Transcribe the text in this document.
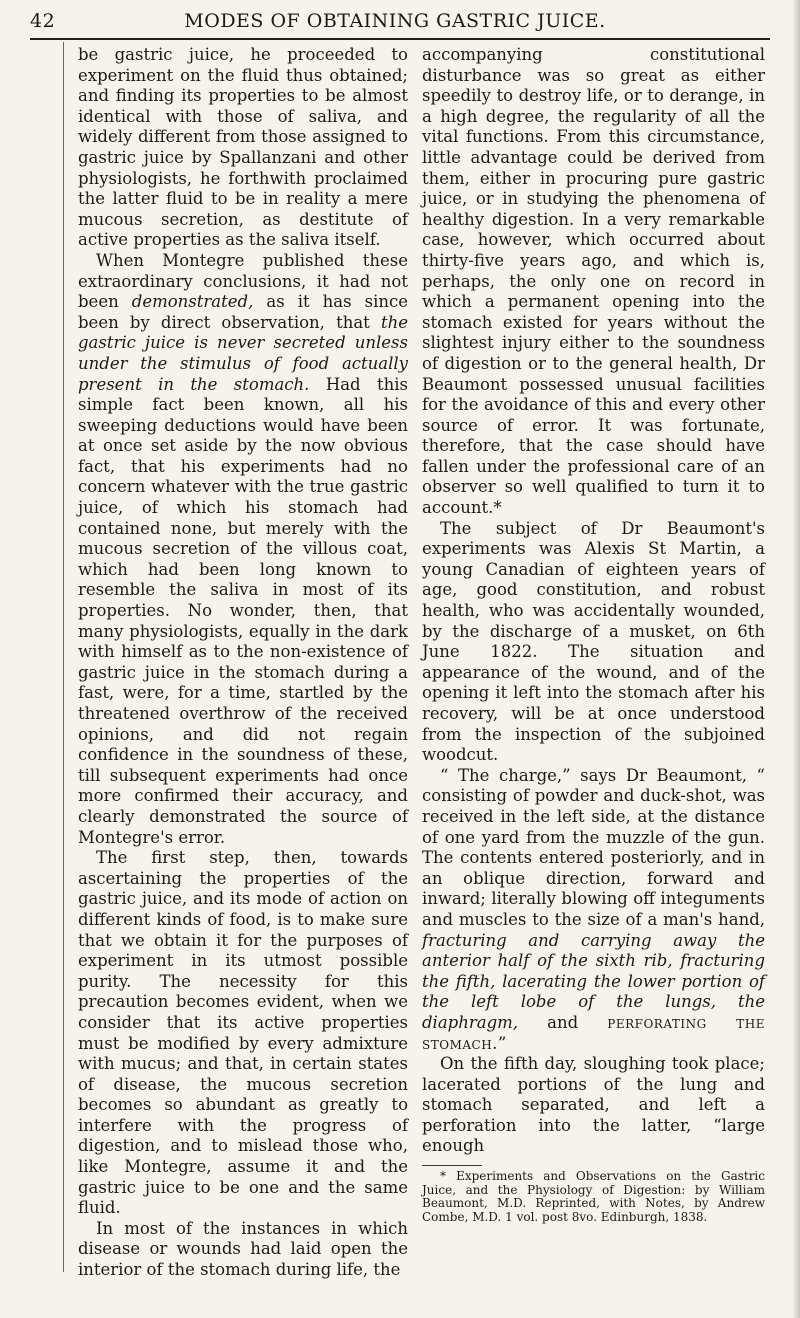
42	MODES OF OBTAINING GASTRIC JUICE.

be gastric juice, he proceeded to experiment on the fluid thus obtained; and finding its properties to be almost identical with those of saliva, and widely different from those assigned to gastric juice by Spallanzani and other physiologists, he forthwith proclaimed the latter fluid to be in reality a mere mucous secretion, as destitute of active properties as the saliva itself.

When Montegre published these extraordinary conclusions, it had not been demonstrated, as it has since been by direct observation, that the gastric juice is never secreted unless under the stimulus of food actually present in the stomach. Had this simple fact been known, all his sweeping deductions would have been at once set aside by the now obvious fact, that his experiments had no concern whatever with the true gastric juice, of which his stomach had contained none, but merely with the mucous secretion of the villous coat, which had been long known to resemble the saliva in most of its properties. No wonder, then, that many physiologists, equally in the dark with himself as to the non-existence of gastric juice in the stomach during a fast, were, for a time, startled by the threatened overthrow of the received opinions, and did not regain confidence in the soundness of these, till subsequent experiments had once more confirmed their accuracy, and clearly demonstrated the source of Montegre's error.

The first step, then, towards ascertaining the properties of the gastric juice, and its mode of action on different kinds of food, is to make sure that we obtain it for the purposes of experiment in its utmost possible purity. The necessity for this precaution becomes evident, when we consider that its active properties must be modified by every admixture with mucus; and that, in certain states of disease, the mucous secretion becomes so abundant as greatly to interfere with the progress of digestion, and to mislead those who, like Montegre, assume it and the gastric juice to be one and the same fluid.

In most of the instances in which disease or wounds had laid open the interior of the stomach during life, the

accompanying constitutional disturbance was so great as either speedily to destroy life, or to derange, in a high degree, the regularity of all the vital functions. From this circumstance, little advantage could be derived from them, either in procuring pure gastric juice, or in studying the phenomena of healthy digestion. In a very remarkable case, however, which occurred about thirty-five years ago, and which is, perhaps, the only one on record in which a permanent opening into the stomach existed for years without the slightest injury either to the soundness of digestion or to the general health, Dr Beaumont possessed unusual facilities for the avoidance of this and every other source of error. It was fortunate, therefore, that the case should have fallen under the professional care of an observer so well qualified to turn it to account.*

The subject of Dr Beaumont's experiments was Alexis St Martin, a young Canadian of eighteen years of age, good constitution, and robust health, who was accidentally wounded, by the discharge of a musket, on 6th June 1822. The situation and appearance of the wound, and of the opening it left into the stomach after his recovery, will be at once understood from the inspection of the subjoined woodcut.

“ The charge,” says Dr Beaumont, “ consisting of powder and duck-shot, was received in the left side, at the distance of one yard from the muzzle of the gun. The contents entered posteriorly, and in an oblique direction, forward and inward; literally blowing off integuments and muscles to the size of a man's hand, fracturing and carrying away the anterior half of the sixth rib, fracturing the fifth, lacerating the lower portion of the left lobe of the lungs, the diaphragm, and perforating the stomach.”

On the fifth day, sloughing took place; lacerated portions of the lung and stomach separated, and left a perforation into the latter, “large enough

* Experiments and Observations on the Gastric Juice, and the Physiology of Digestion: by William Beaumont, M.D. Reprinted, with Notes, by Andrew Combe, M.D. 1 vol. post 8vo. Edinburgh, 1838.
